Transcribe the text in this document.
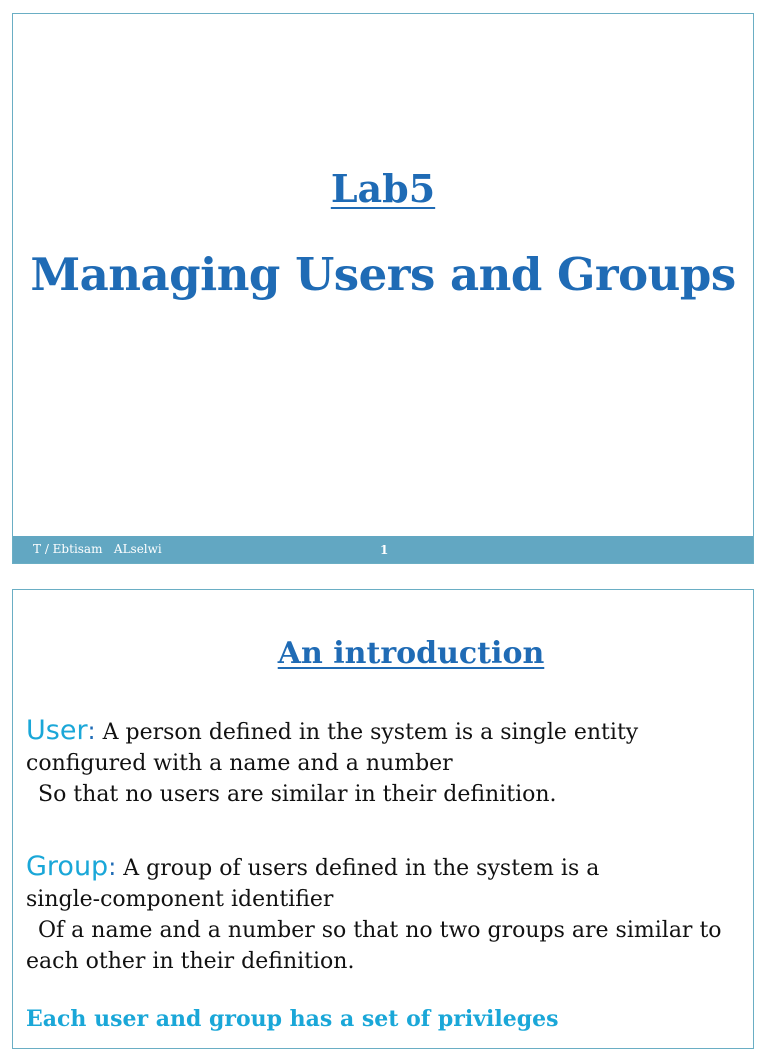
Lab5
Managing Users and Groups
T / Ebtisam   ALselwi	1
An introduction

User: A person defined in the system is a single entity
configured with a name and a number
So that no users are similar in their definition.

Group: A group of users defined in the system is a
single-component identifier
Of a name and a number so that no two groups are similar to
each other in their definition.

Each user and group has a set of privileges
